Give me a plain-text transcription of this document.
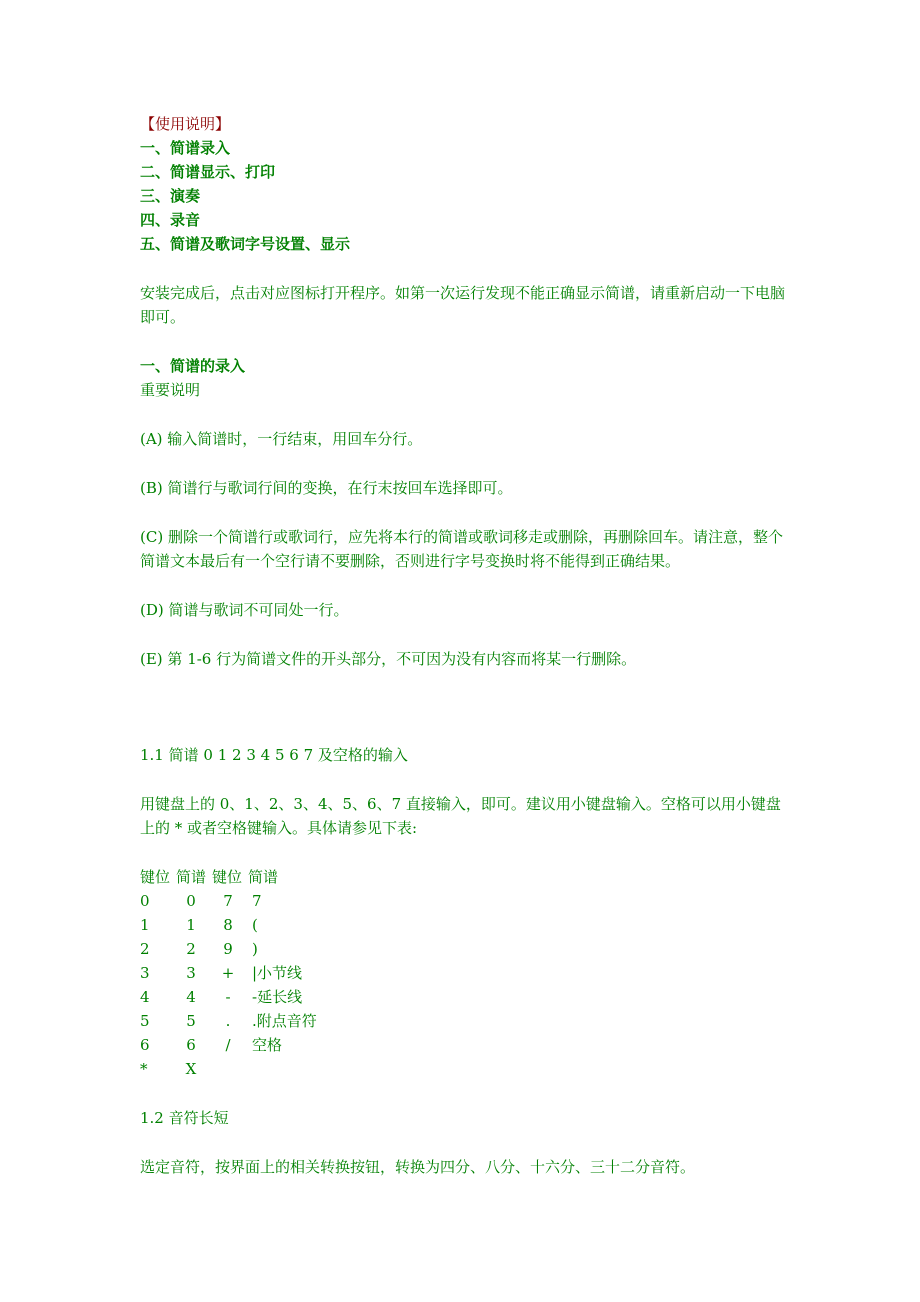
【使用说明】
一、简谱录入
二、简谱显示、打印
三、演奏
四、录音
五、简谱及歌词字号设置、显示
安装完成后，点击对应图标打开程序。如第一次运行发现不能正确显示简谱，请重新启动一下电脑即可。
一、简谱的录入
重要说明
(A) 输入简谱时，一行结束，用回车分行。
(B) 简谱行与歌词行间的变换，在行末按回车选择即可。
(C) 删除一个简谱行或歌词行，应先将本行的简谱或歌词移走或删除，再删除回车。请注意，整个简谱文本最后有一个空行请不要删除，否则进行字号变换时将不能得到正确结果。
(D) 简谱与歌词不可同处一行。
(E) 第 1-6 行为简谱文件的开头部分，不可因为没有内容而将某一行删除。
1.1 简谱 0 1 2 3 4 5 6 7 及空格的输入
用键盘上的 0、1、2、3、4、5、6、7 直接输入，即可。建议用小键盘输入。空格可以用小键盘上的 * 或者空格键输入。具体请参见下表:
键位 简谱 键位 简谱
0	0	7	7
1	1	8	(
2	2	9	)
3	3	+	|小节线
4	4	-	-延长线
5	5	.	.附点音符
6	6	/	空格
*	X
1.2 音符长短
选定音符，按界面上的相关转换按钮，转换为四分、八分、十六分、三十二分音符。
